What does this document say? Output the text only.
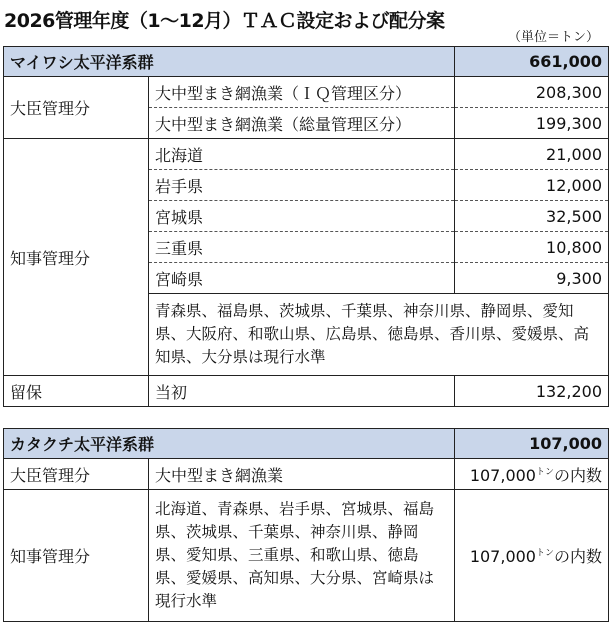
2026管理年度（1～12月）ＴＡＣ設定および配分案
（単位＝トン）
マイワシ太平洋系群		661,000
大臣管理分	大中型まき網漁業（ＩＱ管理区分）	208,300
	大中型まき網漁業（総量管理区分）	199,300
知事管理分	北海道	21,000
	岩手県	12,000
	宮城県	32,500
	三重県	10,800
	宮崎県	9,300
	青森県、福島県、茨城県、千葉県、神奈川県、静岡県、愛知県、大阪府、和歌山県、広島県、徳島県、香川県、愛媛県、高知県、大分県は現行水準	
留保	当初	132,200
カタクチ太平洋系群		107,000
大臣管理分	大中型まき網漁業	$107,000^{トン}$の内数
知事管理分	北海道、青森県、岩手県、宮城県、福島県、茨城県、千葉県、神奈川県、静岡県、愛知県、三重県、和歌山県、徳島県、愛媛県、高知県、大分県、宮崎県は現行水準	$107,000^{トン}$の内数
